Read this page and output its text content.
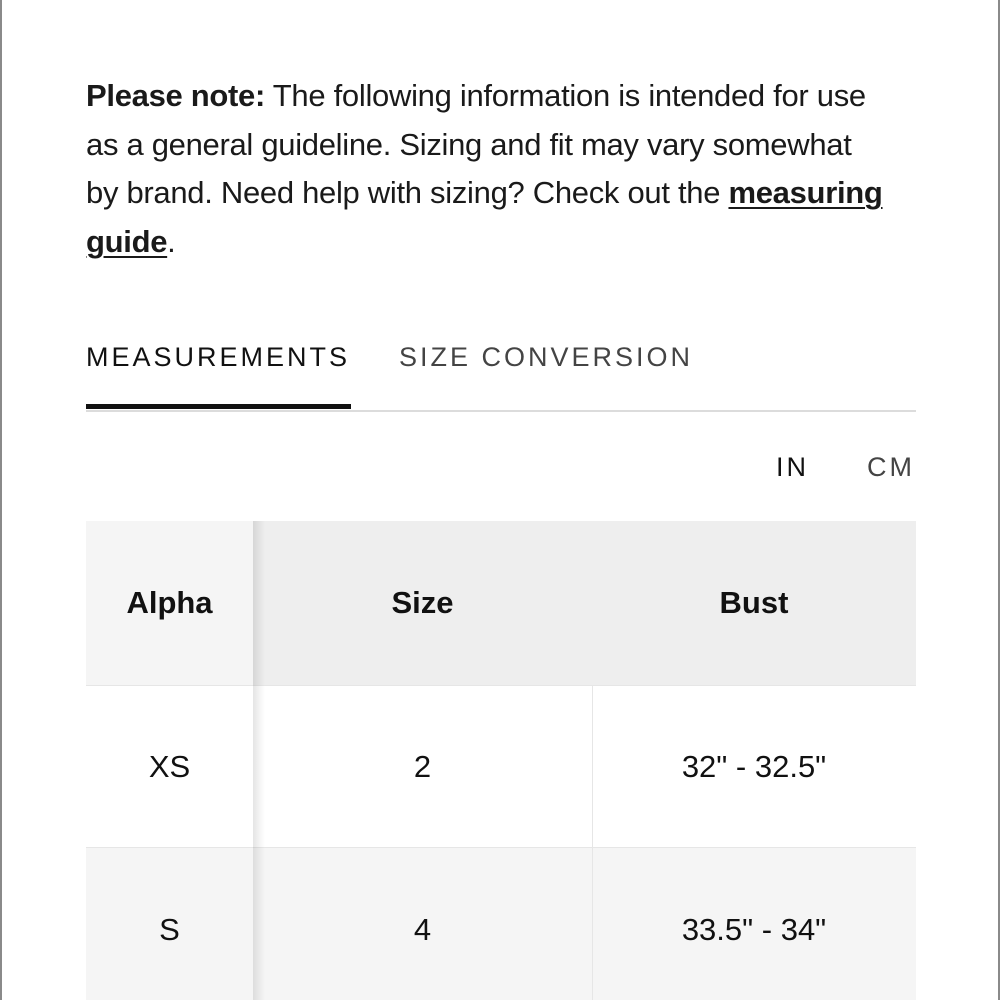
Please note: The following information is intended for use as a general guideline. Sizing and fit may vary somewhat by brand. Need help with sizing? Check out the measuring guide.
MEASUREMENTS SIZE CONVERSION
IN CM
Alpha	Size	Bust
XS	2	32" - 32.5"
S	4	33.5" - 34"
